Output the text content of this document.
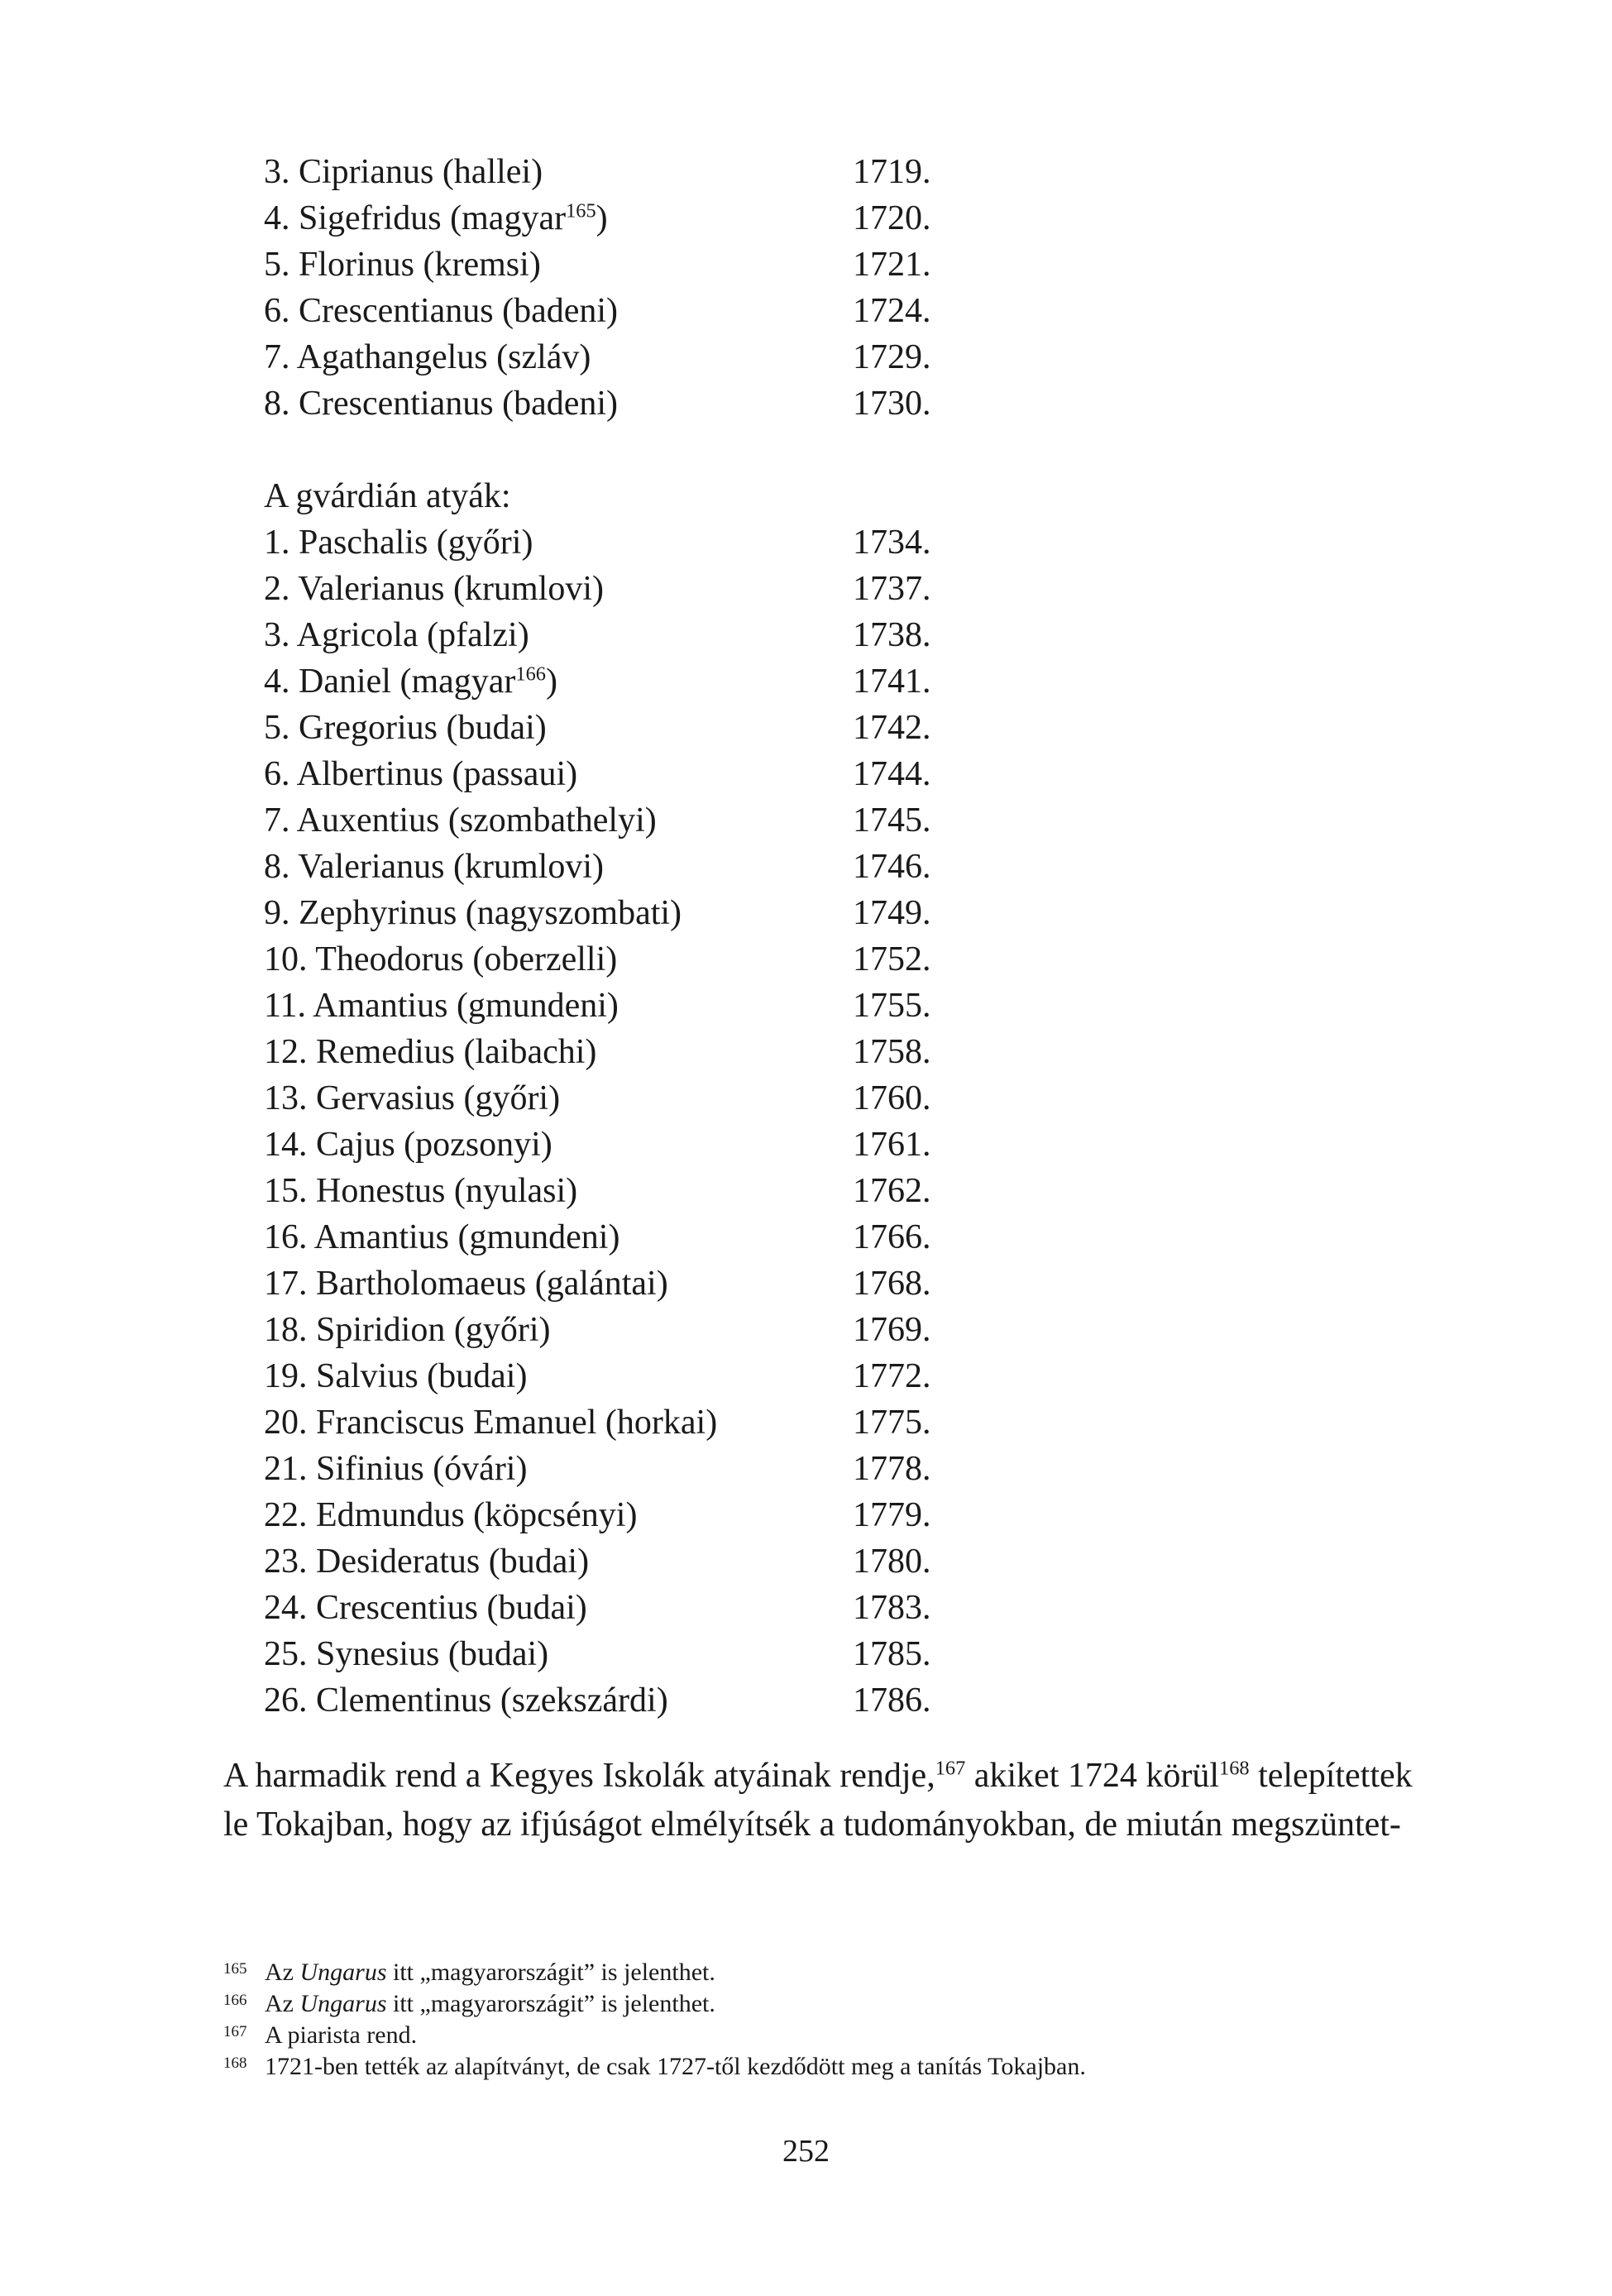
3. Ciprianus (hallei)	1719.
4. Sigefridus (magyar$^{165}$)	1720.
5. Florinus (kremsi)	1721.
6. Crescentianus (badeni)	1724.
7. Agathangelus (szláv)	1729.
8. Crescentianus (badeni)	1730.
A gvárdián atyák:
1. Paschalis (győri)	1734.
2. Valerianus (krumlovi)	1737.
3. Agricola (pfalzi)	1738.
4. Daniel (magyar$^{166}$)	1741.
5. Gregorius (budai)	1742.
6. Albertinus (passaui)	1744.
7. Auxentius (szombathelyi)	1745.
8. Valerianus (krumlovi)	1746.
9. Zephyrinus (nagyszombati)	1749.
10. Theodorus (oberzelli)	1752.
11. Amantius (gmundeni)	1755.
12. Remedius (laibachi)	1758.
13. Gervasius (győri)	1760.
14. Cajus (pozsonyi)	1761.
15. Honestus (nyulasi)	1762.
16. Amantius (gmundeni)	1766.
17. Bartholomaeus (galántai)	1768.
18. Spiridion (győri)	1769.
19. Salvius (budai)	1772.
20. Franciscus Emanuel (horkai)	1775.
21. Sifinius (óvári)	1778.
22. Edmundus (köpcsényi)	1779.
23. Desideratus (budai)	1780.
24. Crescentius (budai)	1783.
25. Synesius (budai)	1785.
26. Clementinus (szekszárdi)	1786.
A harmadik rend a Kegyes Iskolák atyáinak rendje,$^{167}$ akiket 1724 körül$^{168}$ telepítettek
le Tokajban, hogy az ifjúságot elmélyítsék a tudományokban, de miután megszüntet-
165 Az Ungarus itt „magyarországit” is jelenthet.
166 Az Ungarus itt „magyarországit” is jelenthet.
167 A piarista rend.
168 1721-ben tették az alapítványt, de csak 1727-től kezdődött meg a tanítás Tokajban.
252
